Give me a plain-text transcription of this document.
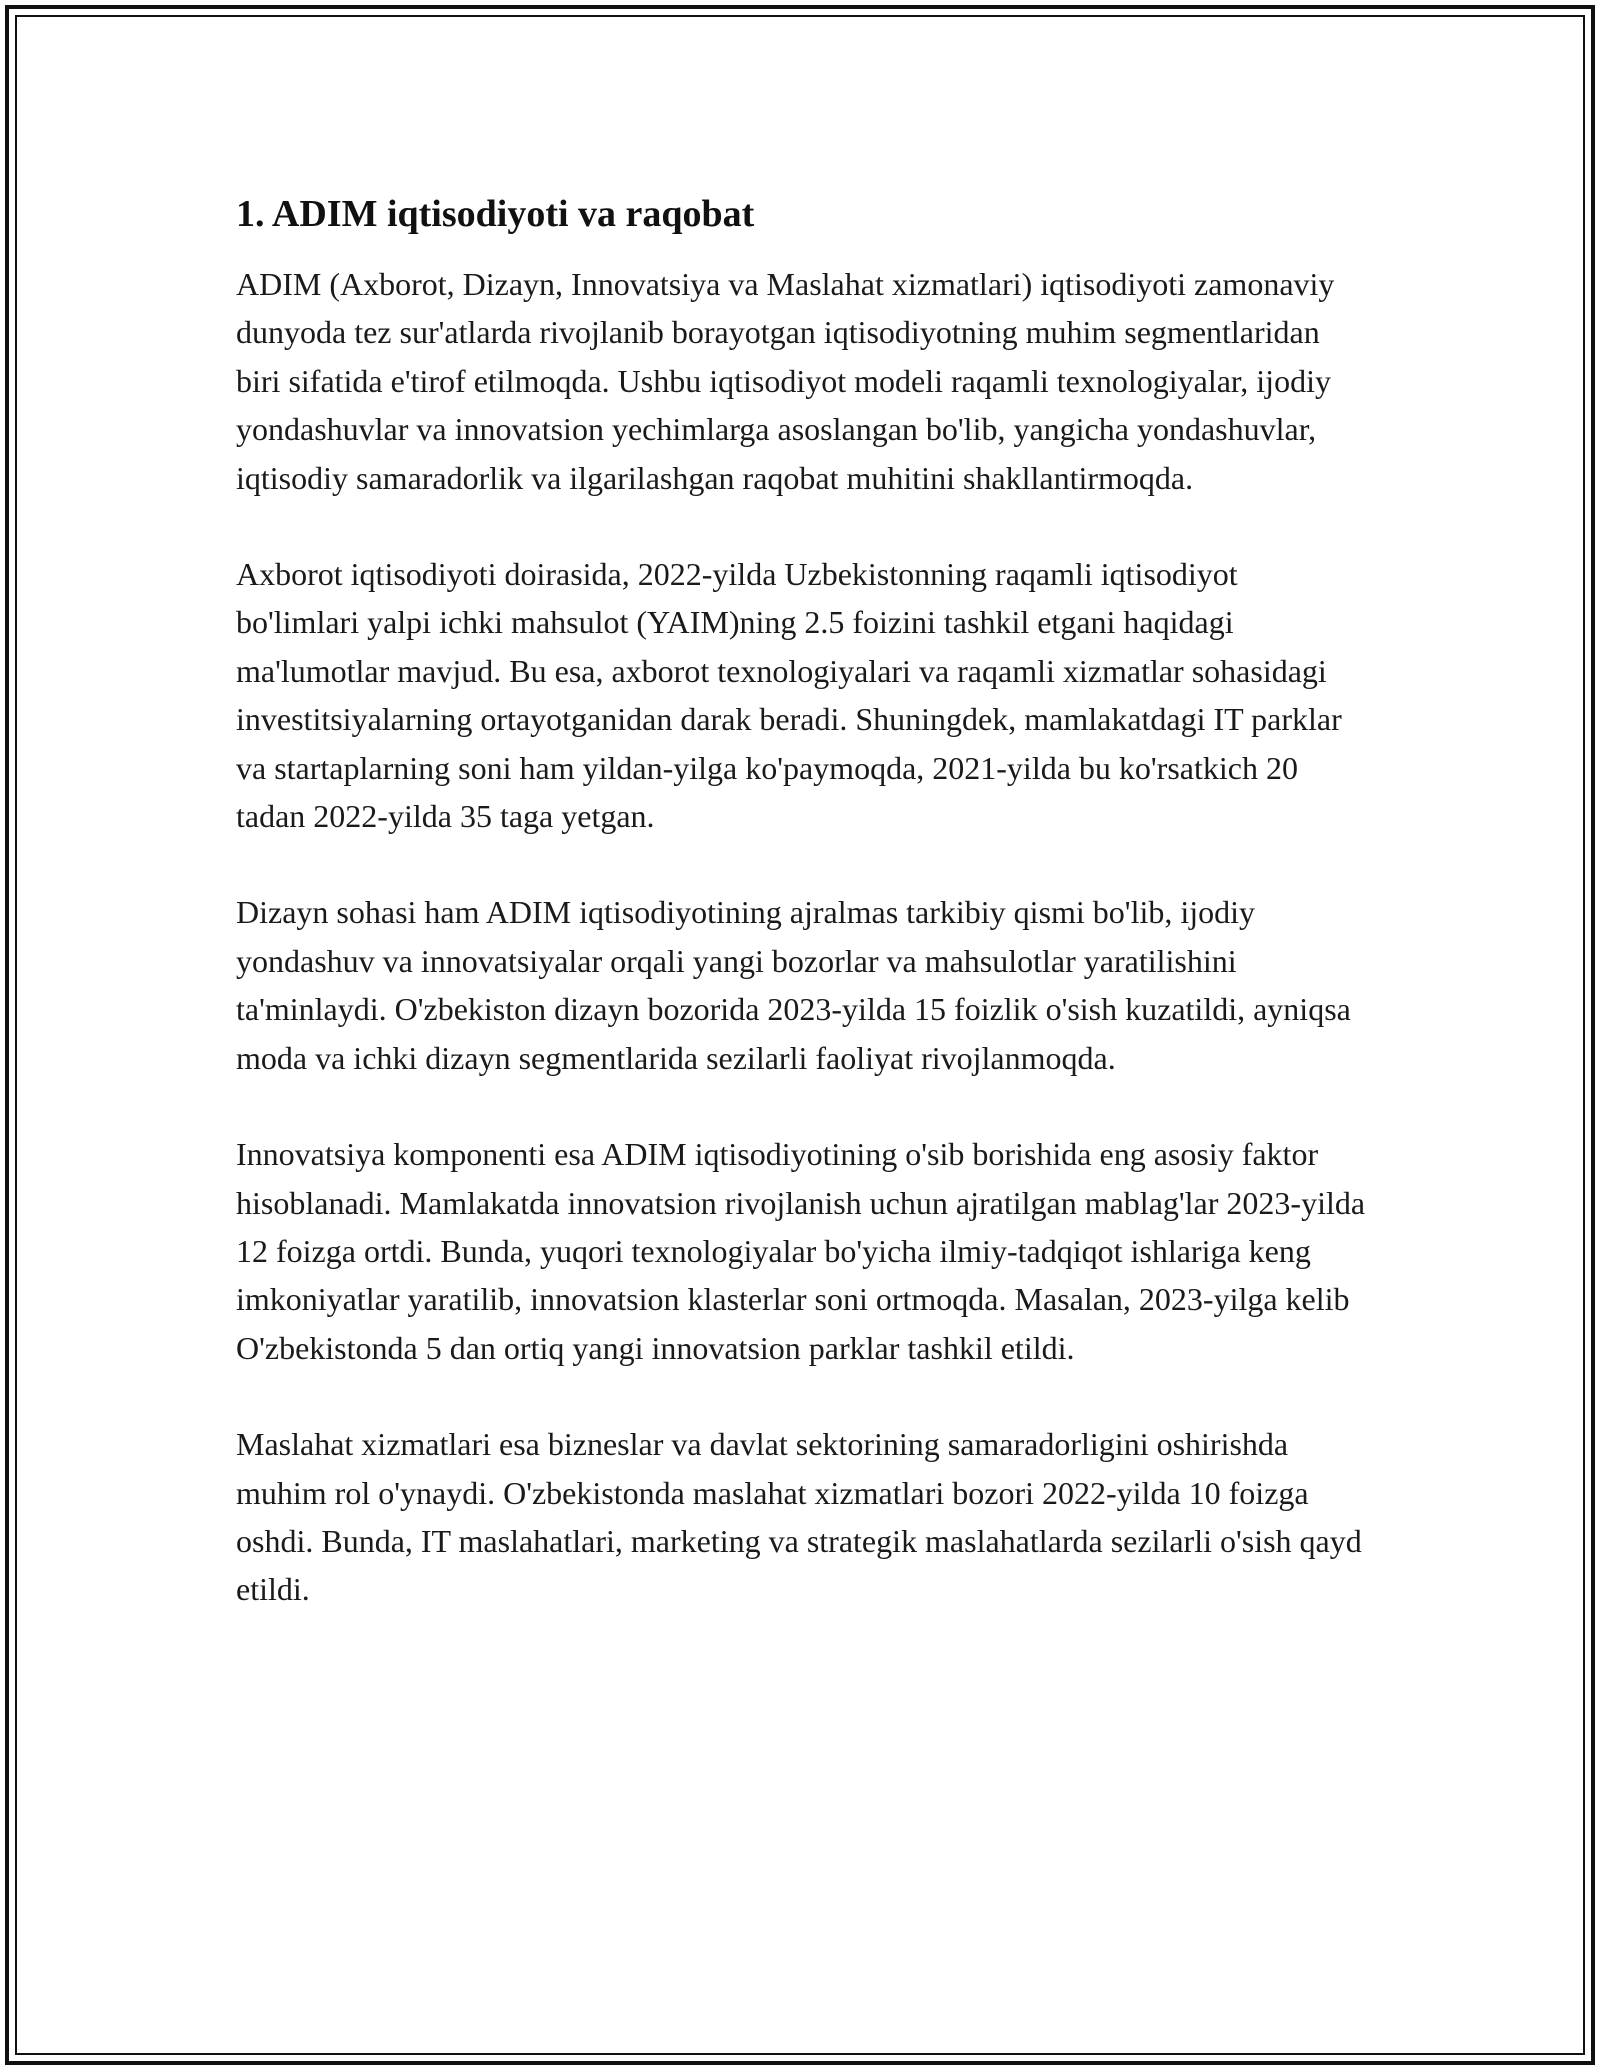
1. ADIM iqtisodiyoti va raqobat

ADIM (Axborot, Dizayn, Innovatsiya va Maslahat xizmatlari) iqtisodiyoti zamonaviy dunyoda tez sur'atlarda rivojlanib borayotgan iqtisodiyotning muhim segmentlaridan biri sifatida e'tirof etilmoqda. Ushbu iqtisodiyot modeli raqamli texnologiyalar, ijodiy yondashuvlar va innovatsion yechimlarga asoslangan bo'lib, yangicha yondashuvlar, iqtisodiy samaradorlik va ilgarilashgan raqobat muhitini shakllantirmoqda.

Axborot iqtisodiyoti doirasida, 2022-yilda Uzbekistonning raqamli iqtisodiyot bo'limlari yalpi ichki mahsulot (YAIM)ning 2.5 foizini tashkil etgani haqidagi ma'lumotlar mavjud. Bu esa, axborot texnologiyalari va raqamli xizmatlar sohasidagi investitsiyalarning ortayotganidan darak beradi. Shuningdek, mamlakatdagi IT parklar va startaplarning soni ham yildan-yilga ko'paymoqda, 2021-yilda bu ko'rsatkich 20 tadan 2022-yilda 35 taga yetgan.

Dizayn sohasi ham ADIM iqtisodiyotining ajralmas tarkibiy qismi bo'lib, ijodiy yondashuv va innovatsiyalar orqali yangi bozorlar va mahsulotlar yaratilishini ta'minlaydi. O'zbekiston dizayn bozorida 2023-yilda 15 foizlik o'sish kuzatildi, ayniqsa moda va ichki dizayn segmentlarida sezilarli faoliyat rivojlanmoqda.

Innovatsiya komponenti esa ADIM iqtisodiyotining o'sib borishida eng asosiy faktor hisoblanadi. Mamlakatda innovatsion rivojlanish uchun ajratilgan mablag'lar 2023-yilda 12 foizga ortdi. Bunda, yuqori texnologiyalar bo'yicha ilmiy-tadqiqot ishlariga keng imkoniyatlar yaratilib, innovatsion klasterlar soni ortmoqda. Masalan, 2023-yilga kelib O'zbekistonda 5 dan ortiq yangi innovatsion parklar tashkil etildi.

Maslahat xizmatlari esa bizneslar va davlat sektorining samaradorligini oshirishda muhim rol o'ynaydi. O'zbekistonda maslahat xizmatlari bozori 2022-yilda 10 foizga oshdi. Bunda, IT maslahatlari, marketing va strategik maslahatlarda sezilarli o'sish qayd etildi.
